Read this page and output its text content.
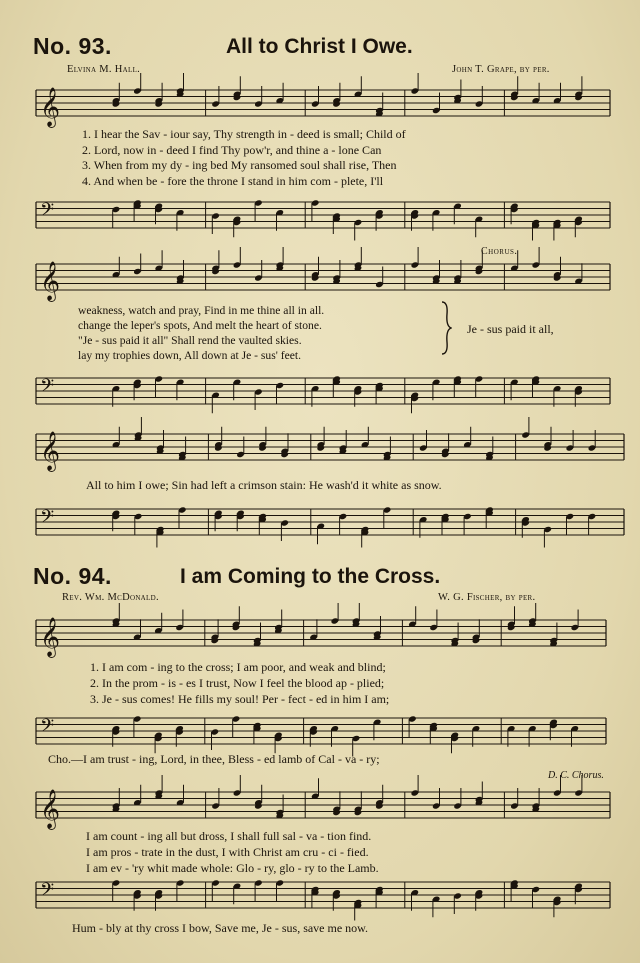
No. 93.	All to Christ I Owe.
Elvina M. Hall.	John T. Grape, by per.
𝄞
1. I hear the Sav - iour say, Thy strength in - deed is small; Child of
2. Lord, now in - deed I find Thy pow'r, and thine a - lone Can
3. When from my dy - ing bed My ransomed soul shall rise, Then
4. And when be - fore the throne I stand in him com - plete, I'll
𝄢
Chorus.
𝄞
weakness, watch and pray, Find in me thine all in all.
change the leper's spots, And melt the heart of stone.
"Je - sus paid it all" Shall rend the vaulted skies.
lay my trophies down, All down at Je - sus' feet.
Je - sus paid it all,
𝄢
𝄞
All to him I owe; Sin had left a crimson stain: He wash'd it white as snow.
𝄢
No. 94.	I am Coming to the Cross.
Rev. Wm. McDonald.	W. G. Fischer, by per.
𝄞
1. I am com - ing to the cross; I am poor, and weak and blind;
2. In the prom - is - es I trust, Now I feel the blood ap - plied;
3. Je - sus comes! He fills my soul! Per - fect - ed in him I am;
𝄢
Cho.—I am trust - ing, Lord, in thee, Bless - ed lamb of Cal - va - ry;
D. C. Chorus.
𝄞
I am count - ing all but dross, I shall full sal - va - tion find.
I am pros - trate in the dust, I with Christ am cru - ci - fied.
I am ev - 'ry whit made whole: Glo - ry, glo - ry to the Lamb.
𝄢
Hum - bly at thy cross I bow, Save me, Je - sus, save me now.
